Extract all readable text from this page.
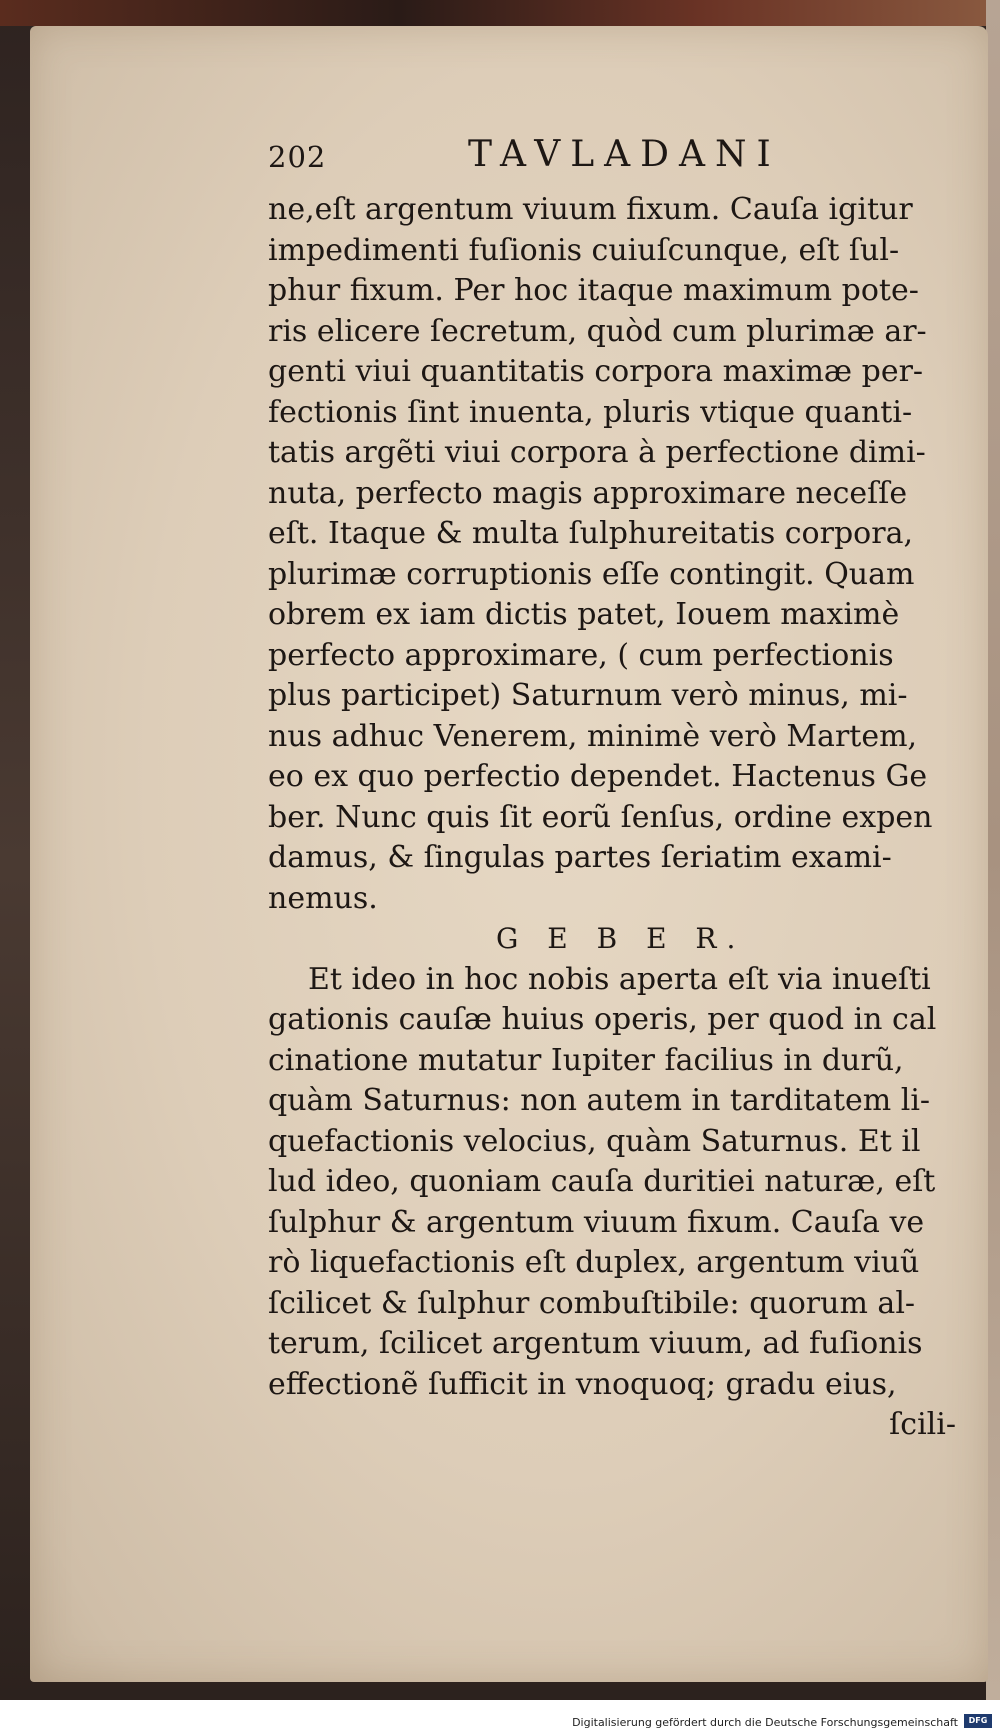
202	TAVLADANI
ne,eſt argentum viuum fixum. Cauſa igitur
impedimenti fuſionis cuiuſcunque, eſt ſul-
phur fixum. Per hoc itaque maximum pote-
ris elicere ſecretum, quòd cum plurimæ ar-
genti viui quantitatis corpora maximæ per-
fectionis ſint inuenta, pluris vtique quanti-
tatis argẽti viui corpora à perfectione dimi-
nuta, perfecto magis approximare neceſſe
eſt. Itaque & multa ſulphureitatis corpora,
plurimæ corruptionis eſſe contingit. Quam
obrem ex iam dictis patet, Iouem maximè
perfecto approximare, ( cum perfectionis
plus participet) Saturnum verò minus, mi-
nus adhuc Venerem, minimè verò Martem,
eo ex quo perfectio dependet. Hactenus Ge
ber. Nunc quis ſit eorũ ſenſus, ordine expen
damus, & ſingulas partes ſeriatim exami-
nemus.
G E B E R.
Et ideo in hoc nobis aperta eſt via inueſti
gationis cauſæ huius operis, per quod in cal
cinatione mutatur Iupiter facilius in durũ,
quàm Saturnus: non autem in tarditatem li-
quefactionis velocius, quàm Saturnus. Et il
lud ideo, quoniam cauſa duritiei naturæ, eſt
ſulphur & argentum viuum fixum. Cauſa ve
rò liquefactionis eſt duplex, argentum viuũ
ſcilicet & ſulphur combuſtibile: quorum al-
terum, ſcilicet argentum viuum, ad fuſionis
effectionẽ ſufficit in vnoquoq; gradu eius,
ſcili-
Digitalisierung gefördert durch die Deutsche Forschungsgemeinschaft	DFG
